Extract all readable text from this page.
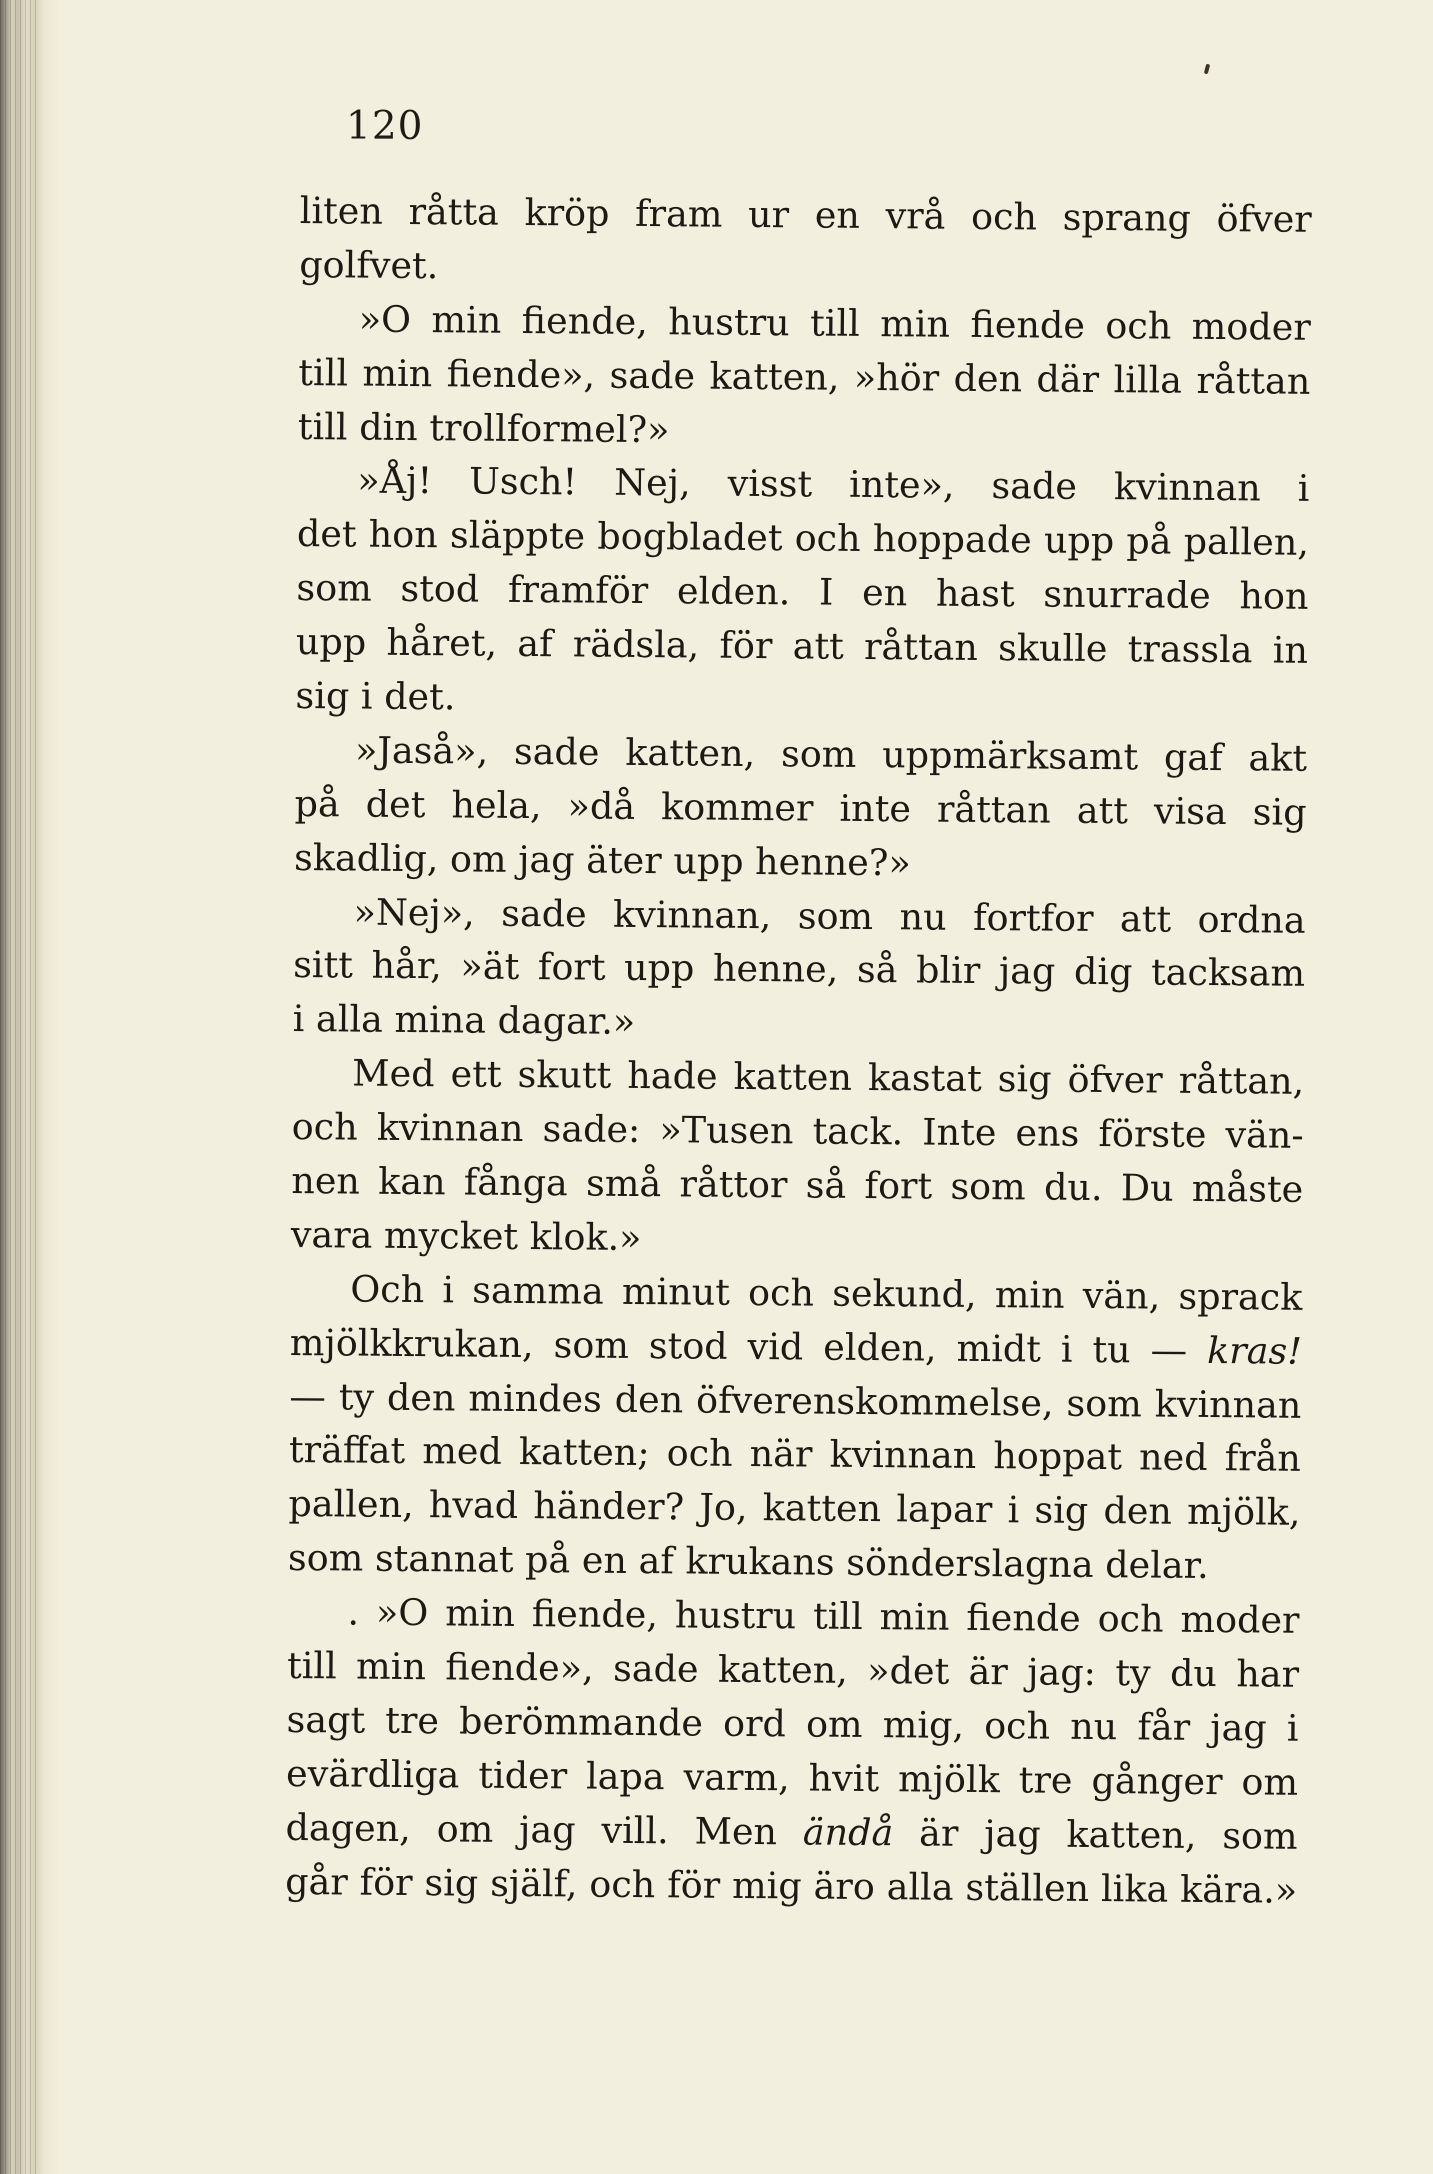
120
liten råtta kröp fram ur en vrå och sprang öfver
golfvet.
»O min fiende, hustru till min fiende och moder
till min fiende», sade katten, »hör den där lilla råttan
till din trollformel?»
»Åj! Usch! Nej, visst inte», sade kvinnan i
det hon släppte bogbladet och hoppade upp på pallen,
som stod framför elden. I en hast snurrade hon
upp håret, af rädsla, för att råttan skulle trassla in
sig i det.
»Jaså», sade katten, som uppmärksamt gaf akt
på det hela, »då kommer inte råttan att visa sig
skadlig, om jag äter upp henne?»
»Nej», sade kvinnan, som nu fortfor att ordna
sitt hår, »ät fort upp henne, så blir jag dig tacksam
i alla mina dagar.»
Med ett skutt hade katten kastat sig öfver råttan,
och kvinnan sade: »Tusen tack. Inte ens förste vän-
nen kan fånga små råttor så fort som du. Du måste
vara mycket klok.»
Och i samma minut och sekund, min vän, sprack
mjölkkrukan, som stod vid elden, midt i tu — kras!
— ty den mindes den öfverenskommelse, som kvinnan
träffat med katten; och när kvinnan hoppat ned från
pallen, hvad händer? Jo, katten lapar i sig den mjölk,
som stannat på en af krukans sönderslagna delar.
. »O min fiende, hustru till min fiende och moder
till min fiende», sade katten, »det är jag: ty du har
sagt tre berömmande ord om mig, och nu får jag i
evärdliga tider lapa varm, hvit mjölk tre gånger om
dagen, om jag vill. Men ändå är jag katten, som
går för sig själf, och för mig äro alla ställen lika kära.»
